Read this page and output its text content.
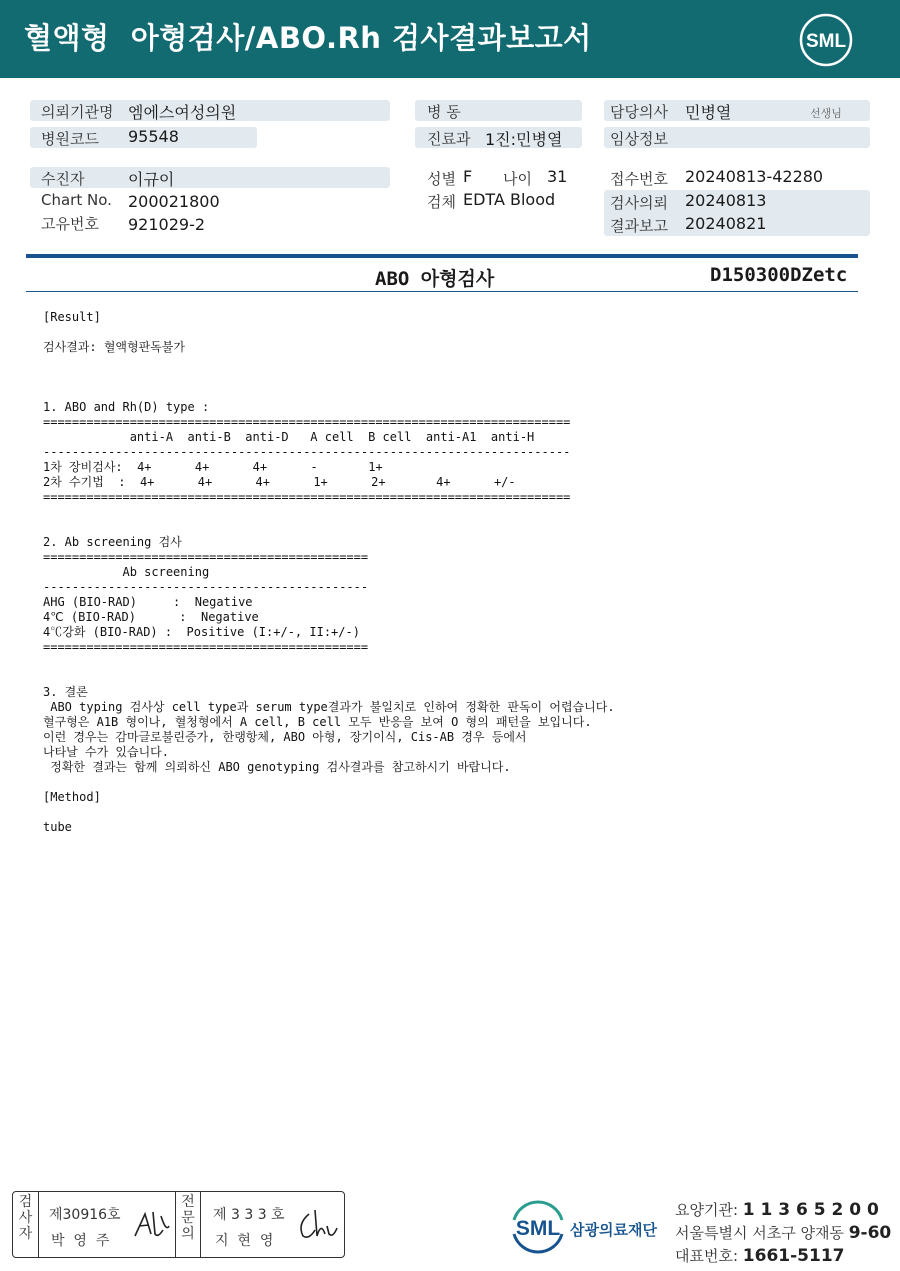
혈액형  아형검사/ABO.Rh 검사결과보고서	SML
의뢰기관명 엠에스여성의원
병원코드 95548
수진자	이규이
Chart No. 200021800
고유번호 921029-2
병 동
진료과 1진:민병열
성별 F 나이 31
검체 EDTA Blood
담당의사 민병열	선생님
임상정보
접수번호 20240813-42280
검사의뢰 20240813
결과보고 20240821
ABO 아형검사	D150300DZetc
[Result]
검사결과: 혈액형판독불가
1. ABO and Rh(D) type :
=========================================================================
anti-A  anti-B  anti-D   A cell  B cell  anti-A1  anti-H
-------------------------------------------------------------------------
1차 장비검사:  4+      4+      4+      -       1+
2차 수기법  :  4+      4+      4+      1+      2+       4+      +/-
=========================================================================
2. Ab screening 검사
=============================================
Ab screening
---------------------------------------------
AHG (BIO-RAD)     :  Negative
4℃ (BIO-RAD)      :  Negative
4℃강화 (BIO-RAD) :  Positive (I:+/-, II:+/-)
=============================================
3. 결론
ABO typing 검사상 cell type과 serum type결과가 불일치로 인하여 정확한 판독이 어렵습니다.
혈구형은 A1B 형이나, 혈청형에서 A cell, B cell 모두 반응을 보여 O 형의 패턴을 보입니다.
이런 경우는 감마글로불린증가, 한랭항체, ABO 아형, 장기이식, Cis-AB 경우 등에서
나타날 수가 있습니다.
정확한 결과는 함께 의뢰하신 ABO genotyping 검사결과를 참고하시기 바랍니다.
[Method]
tube
검
사
자
제30916호
박  영  주
전
문
의
제 3 3 3 호
지  현  영
SML 삼광의료재단
요양기관: 1 1 3 6 5 2 0 0
서울특별시 서초구 양재동 9-60
대표번호: 1661-5117
